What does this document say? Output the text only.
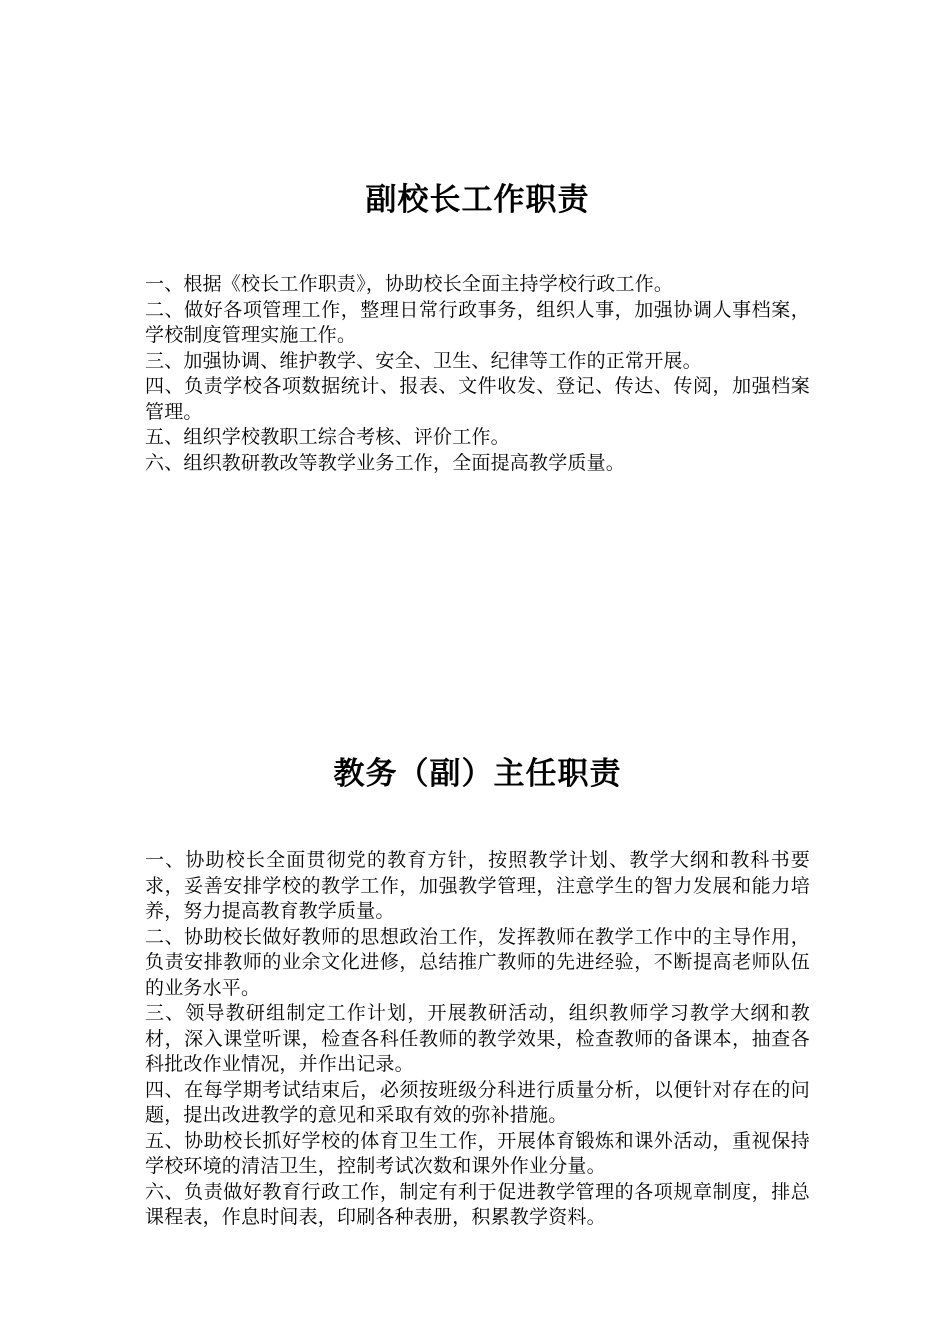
副校长工作职责
一、根据《校长工作职责》，协助校长全面主持学校行政工作。
二、做好各项管理工作，整理日常行政事务，组织人事，加强协调人事档案，学校制度管理实施工作。
三、加强协调、维护教学、安全、卫生、纪律等工作的正常开展。
四、负责学校各项数据统计、报表、文件收发、登记、传达、传阅，加强档案管理。
五、组织学校教职工综合考核、评价工作。
六、组织教研教改等教学业务工作，全面提高教学质量。
教务（副）主任职责
一、协助校长全面贯彻党的教育方针，按照教学计划、教学大纲和教科书要求，妥善安排学校的教学工作，加强教学管理，注意学生的智力发展和能力培养，努力提高教育教学质量。
二、协助校长做好教师的思想政治工作，发挥教师在教学工作中的主导作用，负责安排教师的业余文化进修，总结推广教师的先进经验，不断提高老师队伍的业务水平。
三、领导教研组制定工作计划，开展教研活动，组织教师学习教学大纲和教材，深入课堂听课，检查各科任教师的教学效果，检查教师的备课本，抽查各科批改作业情况，并作出记录。
四、在每学期考试结束后，必须按班级分科进行质量分析，以便针对存在的问题，提出改进教学的意见和采取有效的弥补措施。
五、协助校长抓好学校的体育卫生工作，开展体育锻炼和课外活动，重视保持学校环境的清洁卫生，控制考试次数和课外作业分量。
六、负责做好教育行政工作，制定有利于促进教学管理的各项规章制度，排总课程表，作息时间表，印刷各种表册，积累教学资料。
